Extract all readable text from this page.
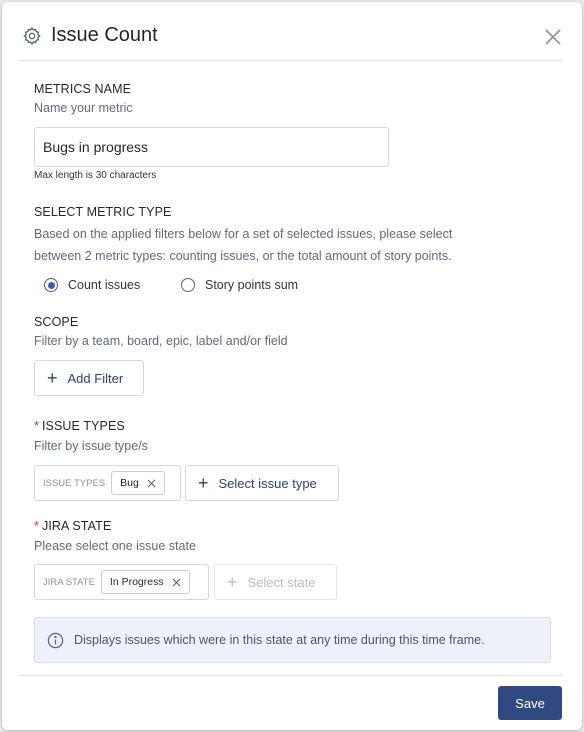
Issue Count
METRICS NAME
Name your metric
Bugs in progress
Max length is 30 characters
SELECT METRIC TYPE
Based on the applied filters below for a set of selected issues, please select
between 2 metric types: counting issues, or the total amount of story points.
Count issues	Story points sum
SCOPE
Filter by a team, board, epic, label and/or field
+ Add Filter
* ISSUE TYPES
Filter by issue type/s
ISSUE TYPES Bug	+ Select issue type
* JIRA STATE
Please select one issue state
JIRA STATE In Progress	+ Select state
Displays issues which were in this state at any time during this time frame.
Save
